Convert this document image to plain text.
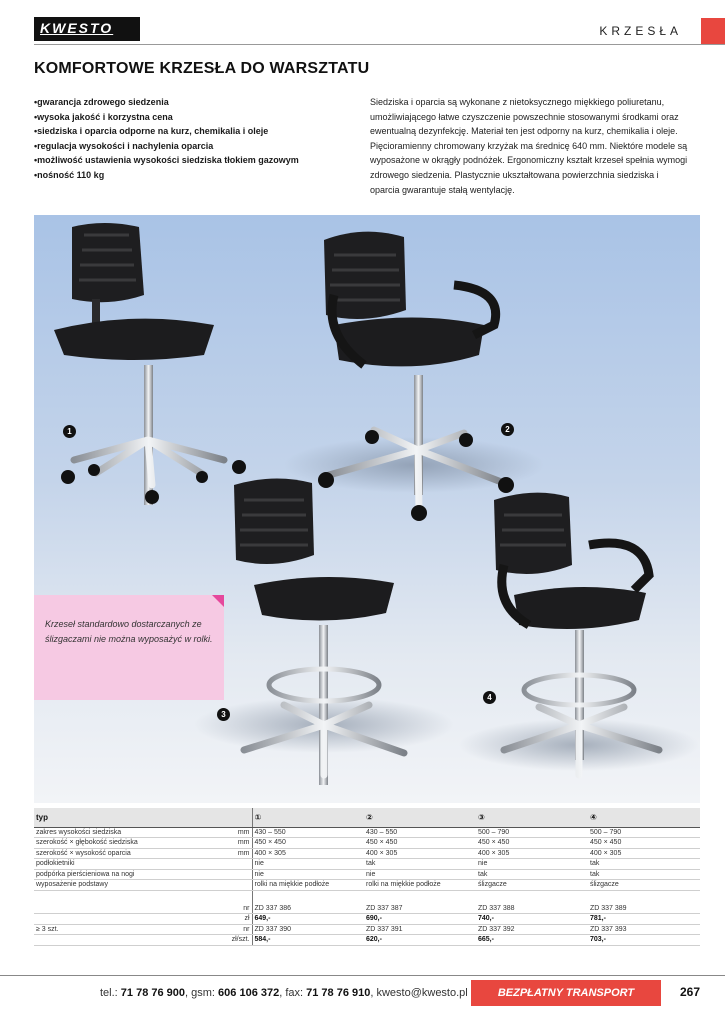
KWESTO	KRZESŁA
KOMFORTOWE KRZESŁA DO WARSZTATU
• gwarancja zdrowego siedzenia
• wysoka jakość i korzystna cena
• siedziska i oparcia odporne na kurz, chemikalia i oleje
• regulacja wysokości i nachylenia oparcia
• możliwość ustawienia wysokości siedziska tłokiem gazowym
• nośność 110 kg
Siedziska i oparcia są wykonane z nietoksycznego miękkiego poliuretanu, umożliwiającego łatwe czyszczenie powszechnie stosowanymi środkami oraz ewentualną dezynfekcję. Materiał ten jest odporny na kurz, chemikalia i oleje. Pięcioramienny chromowany krzyżak ma średnicę 640 mm. Niektóre modele są wyposażone w okrągły podnóżek. Ergonomiczny kształt krzeseł spełnia wymogi zdrowego siedzenia. Plastycznie ukształtowana powierzchnia siedziska i oparcia gwarantuje stałą wentylację.
1	2
3
4
Krzeseł standardowo dostarczanych ze ślizgaczami nie można wyposażyć w rolki.
typ		①	②	③	④
zakres wysokości siedziska	mm	430 – 550	430 – 550	500 – 790	500 – 790
szerokość × głębokość siedziska	mm	450 × 450	450 × 450	450 × 450	450 × 450
szerokość × wysokość oparcia	mm	400 × 305	400 × 305	400 × 305	400 × 305
podłokietniki		nie	tak	nie	tak
podpórka pierścieniowa na nogi		nie	nie	tak	tak
wyposażenie podstawy		rolki na miękkie podłoże	rolki na miękkie podłoże	ślizgacze	ślizgacze

	nr	ZD 337 386	ZD 337 387	ZD 337 388	ZD 337 389
	zł	649,-	690,-	740,-	781,-
≥ 3 szt.	nr	ZD 337 390	ZD 337 391	ZD 337 392	ZD 337 393
	zł/szt.	584,-	620,-	665,-	703,-
tel.: 71 78 76 900, gsm: 606 106 372, fax: 71 78 76 910, kwesto@kwesto.pl	BEZPŁATNY TRANSPORT	267
